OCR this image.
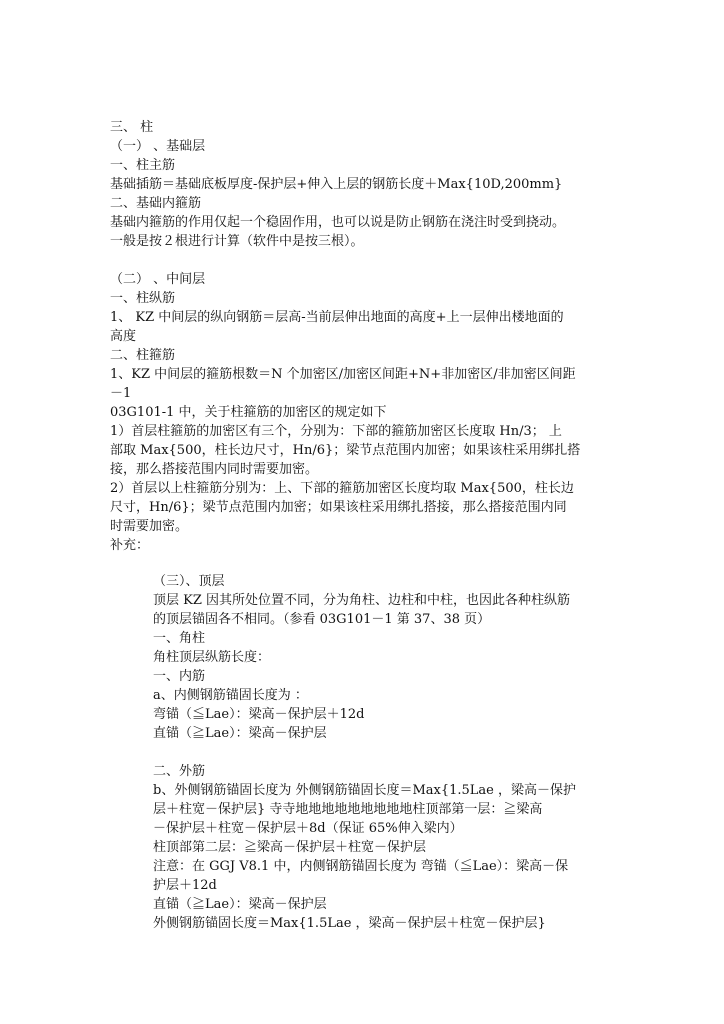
三、 柱
（一） 、基础层
一、柱主筋
基础插筋＝基础底板厚度-保护层+伸入上层的钢筋长度＋Max{10D,200mm}
二、基础内箍筋
基础内箍筋的作用仅起一个稳固作用，也可以说是防止钢筋在浇注时受到挠动。
一般是按２根进行计算（软件中是按三根）。
（二） 、中间层
一、柱纵筋
1、 KZ 中间层的纵向钢筋＝层高-当前层伸出地面的高度+上一层伸出楼地面的
高度
二、柱箍筋
1、KZ 中间层的箍筋根数＝N 个加密区/加密区间距+N+非加密区/非加密区间距
－1
03G101-1 中，关于柱箍筋的加密区的规定如下
1）首层柱箍筋的加密区有三个，分别为：下部的箍筋加密区长度取 Hn/3； 上
部取 Max{500，柱长边尺寸，Hn/6}；梁节点范围内加密；如果该柱采用绑扎搭
接，那么搭接范围内同时需要加密。
2）首层以上柱箍筋分别为：上、下部的箍筋加密区长度均取 Max{500，柱长边
尺寸，Hn/6}；梁节点范围内加密；如果该柱采用绑扎搭接，那么搭接范围内同
时需要加密。
补充：
（三）、顶层
顶层 KZ 因其所处位置不同，分为角柱、边柱和中柱，也因此各种柱纵筋
的顶层锚固各不相同。（参看 03G101－1 第 37、38 页）
一、角柱
角柱顶层纵筋长度：
一、内筋
a、内侧钢筋锚固长度为 ：
弯锚（≦Lae）：梁高－保护层＋12d
直锚（≧Lae）：梁高－保护层
二、外筋
b、外侧钢筋锚固长度为 外侧钢筋锚固长度＝Max{1.5Lae ，梁高－保护
层＋柱宽－保护层} 寺寺地地地地地地地地地柱顶部第一层：≧梁高
－保护层＋柱宽－保护层＋8d（保证 65%伸入梁内）
柱顶部第二层：≧梁高－保护层＋柱宽－保护层
注意：在 GGJ V8.1 中，内侧钢筋锚固长度为 弯锚（≦Lae）：梁高－保
护层＋12d
直锚（≧Lae）：梁高－保护层
外侧钢筋锚固长度＝Max{1.5Lae ，梁高－保护层＋柱宽－保护层}
